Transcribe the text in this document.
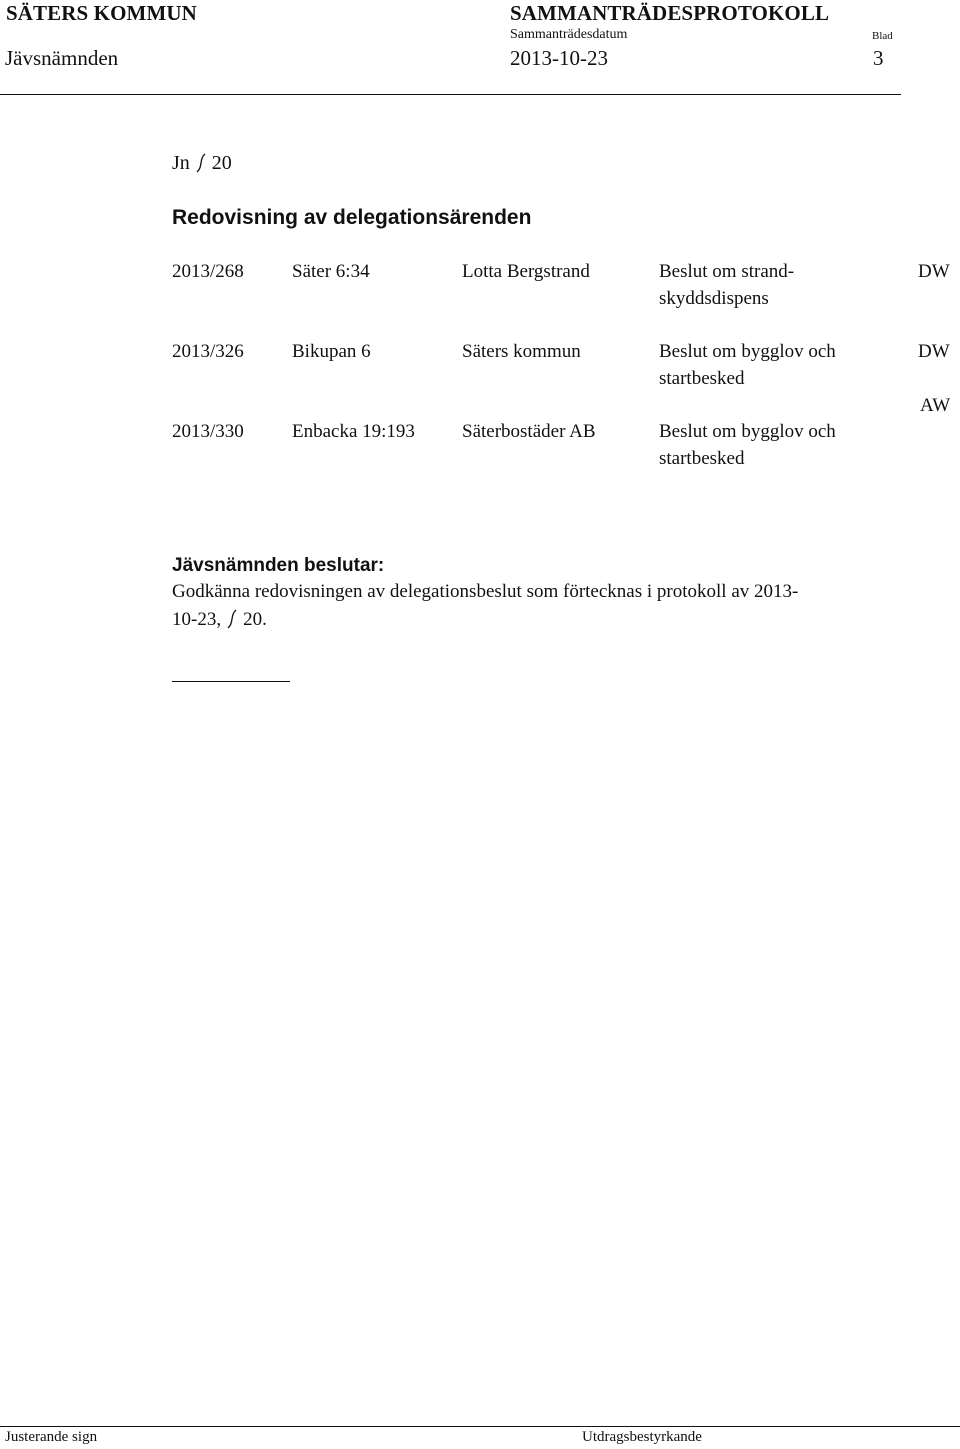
SÄTERS KOMMUN
Jävsnämnden
SAMMANTRÄDESPROTOKOLL
Sammanträdesdatum
2013-10-23
Blad
3
Jn 20
Redovisning av delegationsärenden
2013/268	Säter 6:34	Lotta Bergstrand	Beslut om strand-
skyddsdispens
DW
2013/326	Bikupan 6	Säters kommun	Beslut om bygglov och
startbesked
DW
2013/330	Enbacka 19:193 Säterbostäder AB	Beslut om bygglov och
startbesked
AW
Jävsnämnden beslutar:
Godkänna redovisningen av delegationsbeslut som förtecknas i protokoll av 2013-
10-23, 20.
Justerande sign	Utdragsbestyrkande
